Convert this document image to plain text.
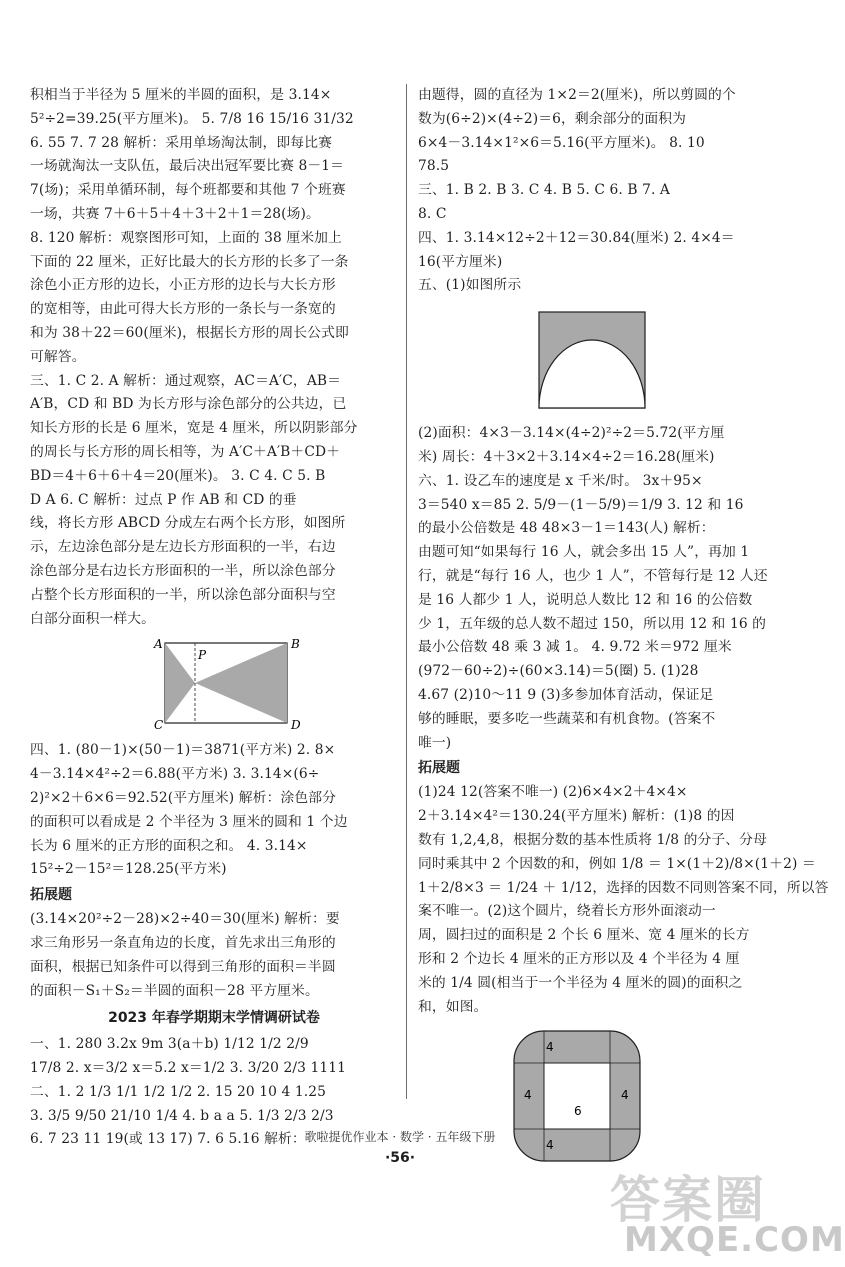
积相当于半径为 5 厘米的半圆的面积，是 3.14×
5²÷2=39.25(平方厘米)。 5. 7/8 16 15/16 31/32
6. 55 7. 7 28 解析：采用单场淘汰制，即每比赛
一场就淘汰一支队伍，最后决出冠军要比赛 8－1＝
7(场)；采用单循环制，每个班都要和其他 7 个班赛
一场，共赛 7＋6＋5＋4＋3＋2＋1＝28(场)。
8. 120 解析：观察图形可知，上面的 38 厘米加上
下面的 22 厘米，正好比最大的长方形的长多了一条
涂色小正方形的边长，小正方形的边长与大长方形
的宽相等，由此可得大长方形的一条长与一条宽的
和为 38＋22＝60(厘米)，根据长方形的周长公式即
可解答。
三、1. C 2. A 解析：通过观察，AC＝A′C，AB＝
A′B，CD 和 BD 为长方形与涂色部分的公共边，已
知长方形的长是 6 厘米，宽是 4 厘米，所以阴影部分
的周长与长方形的周长相等，为 A′C＋A′B＋CD＋
BD＝4＋6＋6＋4＝20(厘米)。 3. C 4. C 5. B
D A 6. C 解析：过点 P 作 AB 和 CD 的垂
线，将长方形 ABCD 分成左右两个长方形，如图所
示，左边涂色部分是左边长方形面积的一半，右边
涂色部分是右边长方形面积的一半，所以涂色部分
占整个长方形面积的一半，所以涂色部分面积与空
白部分面积一样大。
A	B
C	D
P
四、1. (80－1)×(50－1)＝3871(平方米) 2. 8×
4－3.14×4²÷2＝6.88(平方米) 3. 3.14×(6÷
2)²×2＋6×6＝92.52(平方厘米) 解析：涂色部分
的面积可以看成是 2 个半径为 3 厘米的圆和 1 个边
长为 6 厘米的正方形的面积之和。 4. 3.14×
15²÷2－15²＝128.25(平方米)
拓展题
(3.14×20²÷2－28)×2÷40＝30(厘米) 解析：要
求三角形另一条直角边的长度，首先求出三角形的
面积，根据已知条件可以得到三角形的面积＝半圆
的面积－S₁＋S₂＝半圆的面积－28 平方厘米。
2023 年春学期期末学情调研试卷
一、1. 280 3.2x 9m 3(a＋b) 1/12 1/2 2/9
17/8 2. x＝3/2 x＝5.2 x＝1/2 3. 3/20 2/3 1111
二、1. 2 1/3 1/1 1/2 1/2 2. 15 20 10 4 1.25
3. 3/5 9/50 21/10 1/4 4. b a a 5. 1/3 2/3 2/3
6. 7 23 11 19(或 13 17) 7. 6 5.16 解析：
由题得，圆的直径为 1×2＝2(厘米)，所以剪圆的个
数为(6÷2)×(4÷2)＝6，剩余部分的面积为
6×4－3.14×1²×6＝5.16(平方厘米)。 8. 10
78.5
三、1. B 2. B 3. C 4. B 5. C 6. B 7. A
8. C
四、1. 3.14×12÷2＋12＝30.84(厘米) 2. 4×4＝
16(平方厘米)
五、(1)如图所示
(2)面积：4×3－3.14×(4÷2)²÷2＝5.72(平方厘
米) 周长：4＋3×2＋3.14×4÷2＝16.28(厘米)
六、1. 设乙车的速度是 x 千米/时。 3x＋95×
3＝540 x＝85 2. 5/9－(1－5/9)＝1/9 3. 12 和 16
的最小公倍数是 48 48×3－1＝143(人) 解析：
由题可知“如果每行 16 人，就会多出 15 人”，再加 1
行，就是“每行 16 人，也少 1 人”，不管每行是 12 人还
是 16 人都少 1 人，说明总人数比 12 和 16 的公倍数
少 1，五年级的总人数不超过 150，所以用 12 和 16 的
最小公倍数 48 乘 3 减 1。 4. 9.72 米＝972 厘米
(972－60÷2)÷(60×3.14)＝5(圈) 5. (1)28
4.67 (2)10～11 9 (3)多参加体育活动，保证足
够的睡眠，要多吃一些蔬菜和有机食物。(答案不
唯一)
拓展题
(1)24 12(答案不唯一) (2)6×4×2＋4×4×
2＋3.14×4²＝130.24(平方厘米) 解析：(1)8 的因
数有 1,2,4,8，根据分数的基本性质将 1/8 的分子、分母
同时乘其中 2 个因数的和，例如 1/8 ＝ 1×(1＋2)/8×(1＋2) ＝
1＋2/8×3 ＝ 1/24 ＋ 1/12，选择的因数不同则答案不同，所以答
案不唯一。(2)这个圆片，绕着长方形外面滚动一
周，圆扫过的面积是 2 个长 6 厘米、宽 4 厘米的长方
形和 2 个边长 4 厘米的正方形以及 4 个半径为 4 厘
米的 1/4 圆(相当于一个半径为 4 厘米的圆)的面积之
和，如图。
4
4	4
4
6
歌啦提优作业本 · 数学 · 五年级下册
·56·
答案圈
MXQE.COM
